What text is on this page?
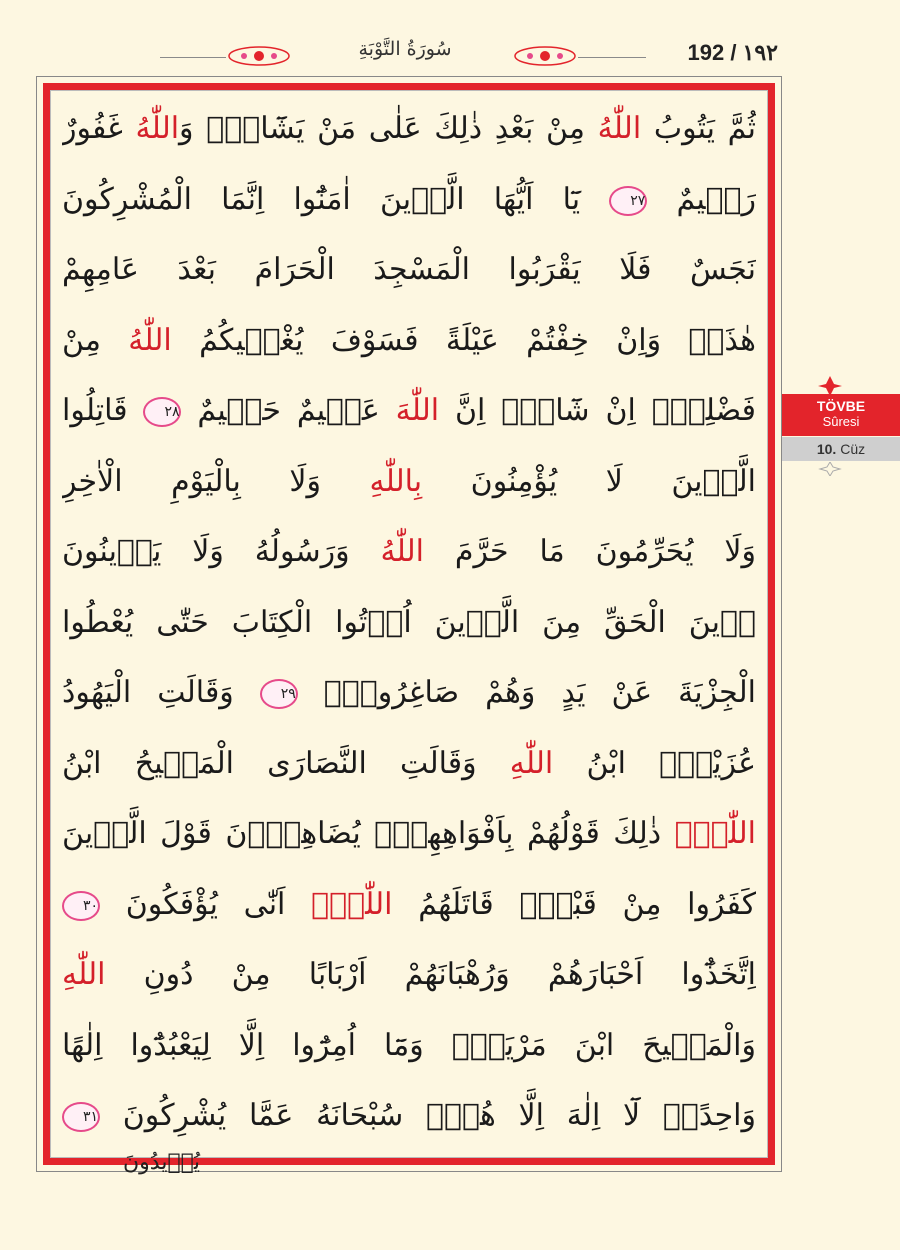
سُورَةُ التَّوْبَةِ	192 / ١٩٢
ثُمَّ يَتُوبُ اللّٰهُ مِنْ بَعْدِ ذٰلِكَ عَلٰى مَنْ يَشَٓاءُۜ وَاللّٰهُ غَفُورٌ
رَح۪يمٌ ٢٧ يَٓا اَيُّهَا الَّذ۪ينَ اٰمَنُٓوا اِنَّمَا الْمُشْرِكُونَ
نَجَسٌ فَلَا يَقْرَبُوا الْمَسْجِدَ الْحَرَامَ بَعْدَ عَامِهِمْ
هٰذَاۚ وَاِنْ خِفْتُمْ عَيْلَةً فَسَوْفَ يُغْن۪يكُمُ اللّٰهُ مِنْ
فَضْلِه۪ٓ اِنْ شَٓاءَۜ اِنَّ اللّٰهَ عَل۪يمٌ حَك۪يمٌ ٢٨ قَاتِلُوا
الَّذ۪ينَ لَا يُؤْمِنُونَ بِاللّٰهِ وَلَا بِالْيَوْمِ الْاٰخِرِ
وَلَا يُحَرِّمُونَ مَا حَرَّمَ اللّٰهُ وَرَسُولُهُ وَلَا يَد۪ينُونَ
د۪ينَ الْحَقِّ مِنَ الَّذ۪ينَ اُو۫تُوا الْكِتَابَ حَتّٰى يُعْطُوا
الْجِزْيَةَ عَنْ يَدٍ وَهُمْ صَاغِرُونَ۟ ٢٩ وَقَالَتِ الْيَهُودُ
عُزَيْرٌۨ ابْنُ اللّٰهِ وَقَالَتِ النَّصَارَى الْمَس۪يحُ ابْنُ
اللّٰهِۜ ذٰلِكَ قَوْلُهُمْ بِاَفْوَاهِهِمْۚ يُضَاهِؤُ۫نَ قَوْلَ الَّذ۪ينَ
كَفَرُوا مِنْ قَبْلُۜ قَاتَلَهُمُ اللّٰهُۘ اَنّٰى يُؤْفَكُونَ ٣٠
اِتَّخَذُٓوا اَحْبَارَهُمْ وَرُهْبَانَهُمْ اَرْبَابًا مِنْ دُونِ اللّٰهِ
وَالْمَس۪يحَ ابْنَ مَرْيَمَۚ وَمَٓا اُمِرُٓوا اِلَّا لِيَعْبُدُٓوا اِلٰهًا
وَاحِدًاۚ لَٓا اِلٰهَ اِلَّا هُوَۜ سُبْحَانَهُ عَمَّا يُشْرِكُونَ ٣١
يُر۪يدُونَ
TÖVBE
Sûresi
10. Cüz
